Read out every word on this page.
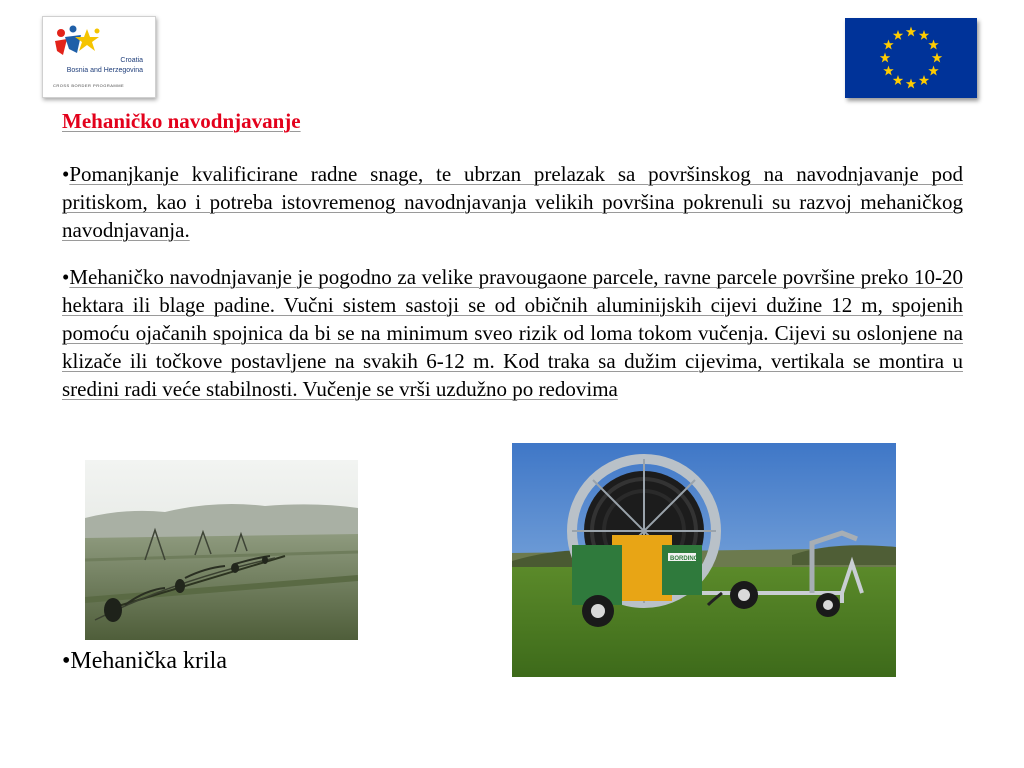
Croatia
Bosnia and Herzegovina
CROSS BORDER PROGRAMME
Mehaničko navodnjavanje
•Pomanjkanje kvalificirane radne snage, te ubrzan prelazak sa površinskog na navodnjavanje pod pritiskom, kao i potreba istovremenog navodnjavanja velikih površina pokrenuli su razvoj mehaničkog navodnjavanja.
•Mehaničko navodnjavanje je pogodno za velike pravougaone parcele, ravne parcele površine preko 10-20 hektara ili blage padine. Vučni sistem sastoji se od običnih aluminijskih cijevi dužine 12 m, spojenih pomoću ojačanih spojnica da bi se na minimum sveo rizik od loma tokom vučenja. Cijevi su oslonjene na klizače ili točkove postavljene na svakih 6-12 m. Kod traka sa dužim cijevima, vertikala se montira u sredini radi veće stabilnosti. Vučenje se vrši uzdužno po redovima
BORDING
•Mehanička krila
